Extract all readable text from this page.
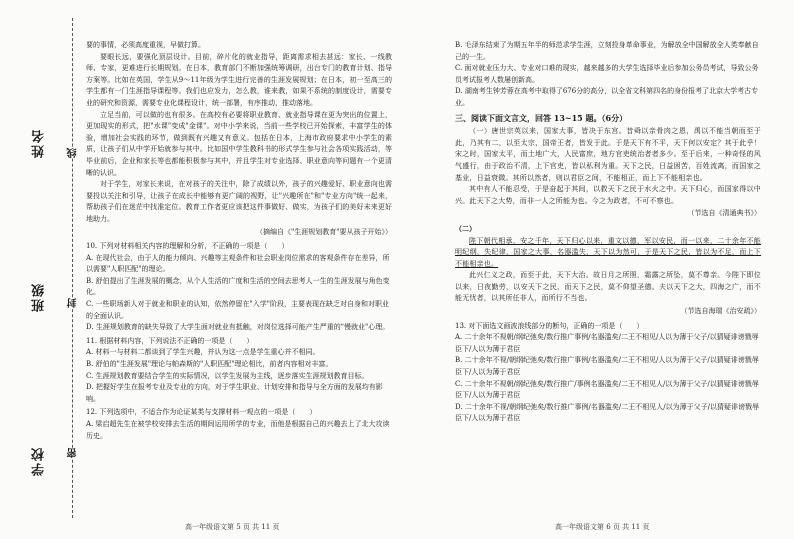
姓名
班级
学校
线
封
密

要的事情，必须高度重视，早做打算。

要眼长远，要强化顶层设计。目前，碎片化的就业指导，距离需求相去甚远：家长、一线教师、专家，更难进行长期规划。在日本，教育部门不断加强统筹调研，出台专门的教育计划、指导方案等。比如在英国，学生从9～11年级为学生进行完善的生涯发展规划；在日本，初一至高三的学生都有一门生涯指导课程等。我们也应发力，怎么教，谁来教，如果不系统的制度设计，需要专业的研究和资源，需要专业化课程设计，统一部署，有序推动，推动落地。

立足当前，可以做的也有很多。在高校有必要将职业教育、就业指导课在更为突出的位置上，更加现实的形式，把"水课"变成"金课"。对中小学来说，当前一些学校已开始探索，丰富学生的体验，增加社会实践的环节，做到既有兴趣又有意义。包括在日本，上海市政府要求中小学生的素质，让孩子们从中学开始就参与其中。比如国中学生教科书的形式学生参与社会各项实践活动，等毕业前后，企业和家长等也都能积极参与其中，并且学生对专业选择、职业意向等问题有一个更清晰的认识。

对于学生，对家长来说，在对孩子的关注中，除了成绩以外，孩子的兴趣爱好、职业意向也需要投以关注和引导，让孩子在成长中能够有更广阔的视野，让"兴趣所在"和"专业方向"统一起来，帮助孩子们在迷茫中找准定位。教育工作者更应该把这件事做好、做实，为孩子们的美好未来更好地助力。

（摘编自《"生涯规划教育"要从孩子开始》）

10. 下列对材料相关内容的理解和分析，不正确的一项是（　　）

A. 在现代社会，由于人的能力倾向、兴趣等主观条件和社会职业岗位需求的客观条件存在差异，所以需要"人职匹配"的理论。

B. 舒伯提出了生涯发展的概念，从个人生活的广度和生活的空间去思考人一生的生涯发展与角色变化。

C. 一些职场新人对于就业和职业的认知，依然停留在"入学"阶段，主要表现在缺乏对自身和对职业的全面认识。

D. 生涯规划教育的缺失导致了大学生面对就业有抵触，对岗位选择可能产生严重的"慢就业"心理。

11. 根据材料内容，下列说法不正确的一项是（　　）

A. 材料一与材料二都谈到了学生兴趣，并认为这一点是学生重心并不相同。

B. 舒伯的"生涯发展"理论与帕森斯的"人职匹配"理论相比，前者内容相对丰富。

C. 生涯规划教育要结合学生的实际情况，以学生发展为主线，逐步落实生涯规划教育目标。

D. 把握好学生在报考专业及专业的方向，对于学生职业、计划安排和指导与全方面的发展均有影响。

12. 下列选项中，不适合作为论证某类与支撑材料一观点的一项是（　　）

A. 梁启超先生在被学校安排去生活的期间运用所学的专业，而他是根据自己的兴趣去上了北大攻读历史。

高一年级语文第 5 页 共 11 页

B. 毛泽东结束了为期五年半的师范求学生涯，立刻投身革命事业，为解放全中国解放全人类奉献自己的一生。

C. 面对就业压力大、专业对口难的现实，越来越多的大学生选择毕业后参加公务员考试，导致公务员考试报考人数屡创新高。

D. 湖南考生钟芳蓉在高考中取得了676分的高分，以全省文科第四名的身份报考了北京大学考古专业。

三、阅读下面文言文，回答 13~15 题。（6分）

（一）唐世宗英以来，国家大事，皆决于东宫。昔舜以亲骨肉之恩，禹以不能当朝而至于此，乃其有二，以至太宗，国帝王者，皆发于此。于是天下有不平，天下何以安定？其于此乎！宋之时，国家太平，而土地广大，人民富庶，地方官吏统治者者多少。至于后来，一种奇怪的风气盛行，由于政治不清，上下官吏，皆以私利为重。天下之民，日益困苦，百姓流离，而国家之基业，日益衰微。其所以然者，则以君臣之间，不能相正，而上下不能相亲也。

其中有人不能忍受，于是奋起于其间，以救天下之民于水火之中。天下归心，而国家得以中兴。此天下之大势，而非一人之所能为也。今之为政者，不可不察也。

（节选自《清通典书》）
（二）

陛下朝代相承，安之千年，天下归心以来，重文以德，军以安民，而一以来，二十余年不能明纪纲，失纪律，国家之大事，名器滥失，天下以为然可，于是天下之民，皆以为不足，而上下不能相亲也。

此兴仁义之政，而至于此，天下大治。故日月之所照，霜露之所坠，莫不尊亲。今陛下即位以来，日夜勤劳，以安天下之民，而天下之民，莫不仰望圣德。夫以天下之大，四海之广，而不能无忧者，以其所任非人，而所行不当也。

（节选自海瑞《治安疏》）

13. 对下面选文画波浪线部分的断句，正确的一项是（　　）

A. 二十余年不视朝/纲纪弛矣/数行推广事例/名器滥矣/二王不相见/人以为薄于父子/以猜疑诽谤戮辱臣下/人以为薄于君臣

B. 二十余年不视/朝纲纪弛矣/数行推广事例/名器滥矣/二王不相见/人以为薄于父子/以猜疑诽谤戮辱臣下/人以为薄于君臣

C. 二十余年不视朝/纲纪弛矣/数行推广/事例名器滥矣/二王不相见人/以为薄于父子/以猜疑诽谤戮辱臣下/人以为薄于君臣

D. 二十余年不视/朝纲纪弛矣/数行推广事例/名器滥矣/二王不相见人/以为薄于父子/以猜疑诽谤戮辱臣下/人以为薄于君臣

高一年级语文第 6 页 共 11 页
